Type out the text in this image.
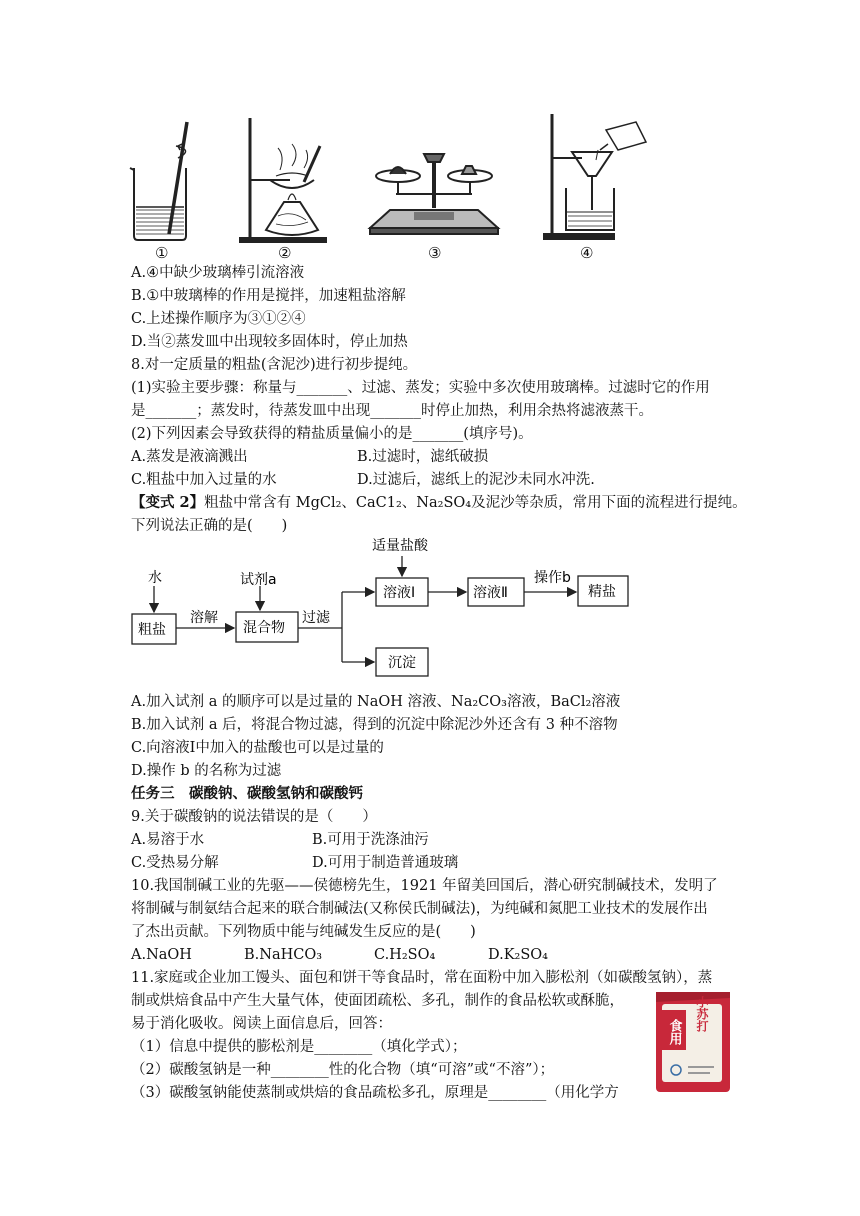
①	②	③	④
A.④中缺少玻璃棒引流溶液
B.①中玻璃棒的作用是搅拌，加速粗盐溶解
C.上述操作顺序为③①②④
D.当②蒸发皿中出现较多固体时，停止加热
8.对一定质量的粗盐(含泥沙)进行初步提纯。
(1)实验主要步骤：称量与_______、过滤、蒸发；实验中多次使用玻璃棒。过滤时它的作用
是_______；蒸发时，待蒸发皿中出现_______时停止加热，利用余热将滤液蒸干。
(2)下列因素会导致获得的精盐质量偏小的是_______(填序号)。
A.蒸发是液滴溅出	B.过滤时，滤纸破损
C.粗盐中加入过量的水	D.过滤后，滤纸上的泥沙未同水冲洗.
【变式 2】粗盐中常含有 MgCl₂、CaC1₂、Na₂SO₄及泥沙等杂质，常用下面的流程进行提纯。
下列说法正确的是(　　)
水
粗盐
溶解
试剂a
混合物
过滤
适量盐酸
溶液Ⅰ	溶液Ⅱ
操作b
精盐
沉淀
A.加入试剂 a 的顺序可以是过量的 NaOH 溶液、Na₂CO₃溶液，BaCl₂溶液
B.加入试剂 a 后，将混合物过滤，得到的沉淀中除泥沙外还含有 3 种不溶物
C.向溶液Ⅰ中加入的盐酸也可以是过量的
D.操作 b 的名称为过滤
任务三　碳酸钠、碳酸氢钠和碳酸钙
9.关于碳酸钠的说法错误的是（　　）
A.易溶于水	B.可用于洗涤油污
C.受热易分解	D.可用于制造普通玻璃
10.我国制碱工业的先驱——侯德榜先生，1921 年留美回国后，潜心研究制碱技术，发明了
将制碱与制氨结合起来的联合制碱法(又称侯氏制碱法)，为纯碱和氮肥工业技术的发展作出
了杰出贡献。下列物质中能与纯碱发生反应的是(　　)
A.NaOH	B.NaHCO₃	C.H₂SO₄	D.K₂SO₄
11.家庭或企业加工馒头、面包和饼干等食品时，常在面粉中加入膨松剂（如碳酸氢钠），蒸
制或烘焙食品中产生大量气体，使面团疏松、多孔，制作的食品松软或酥脆，
易于消化吸收。阅读上面信息后，回答：
（1）信息中提供的膨松剂是________（填化学式）；
（2）碳酸氢钠是一种________性的化合物（填“可溶”或“不溶”）；
（3）碳酸氢钠能使蒸制或烘焙的食品疏松多孔，原理是________（用化学方
食用 小苏打
